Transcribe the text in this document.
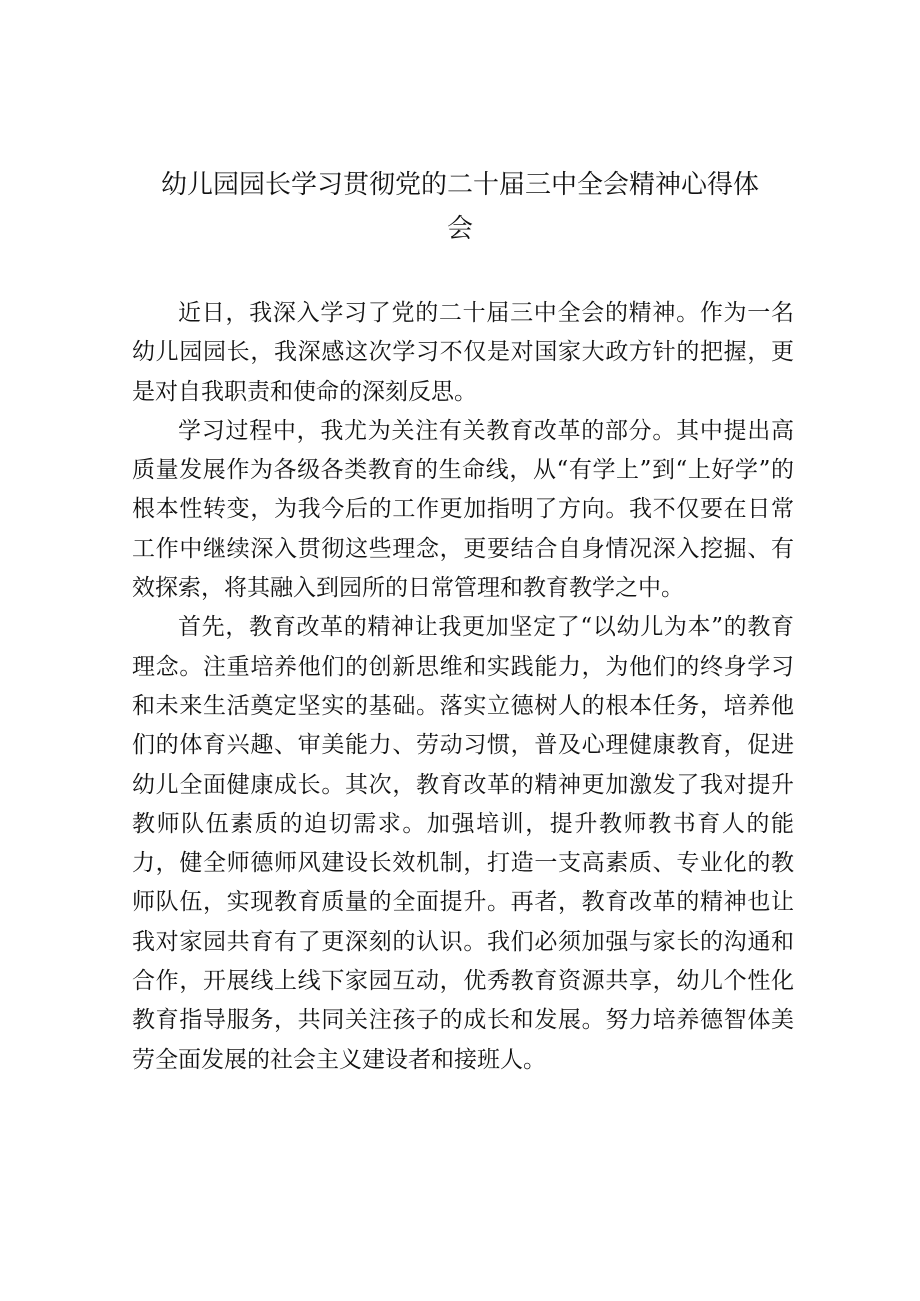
幼儿园园长学习贯彻党的二十届三中全会精神心得体
会

近日，我深入学习了党的二十届三中全会的精神。作为一名幼儿园园长，我深感这次学习不仅是对国家大政方针的把握，更是对自我职责和使命的深刻反思。

学习过程中，我尤为关注有关教育改革的部分。其中提出高质量发展作为各级各类教育的生命线，从“有学上”到“上好学”的根本性转变，为我今后的工作更加指明了方向。我不仅要在日常工作中继续深入贯彻这些理念，更要结合自身情况深入挖掘、有效探索，将其融入到园所的日常管理和教育教学之中。

首先，教育改革的精神让我更加坚定了“以幼儿为本”的教育理念。注重培养他们的创新思维和实践能力，为他们的终身学习和未来生活奠定坚实的基础。落实立德树人的根本任务，培养他们的体育兴趣、审美能力、劳动习惯，普及心理健康教育，促进幼儿全面健康成长。其次，教育改革的精神更加激发了我对提升教师队伍素质的迫切需求。加强培训，提升教师教书育人的能力，健全师德师风建设长效机制，打造一支高素质、专业化的教师队伍，实现教育质量的全面提升。再者，教育改革的精神也让我对家园共育有了更深刻的认识。我们必须加强与家长的沟通和合作，开展线上线下家园互动，优秀教育资源共享，幼儿个性化教育指导服务，共同关注孩子的成长和发展。努力培养德智体美劳全面发展的社会主义建设者和接班人。
